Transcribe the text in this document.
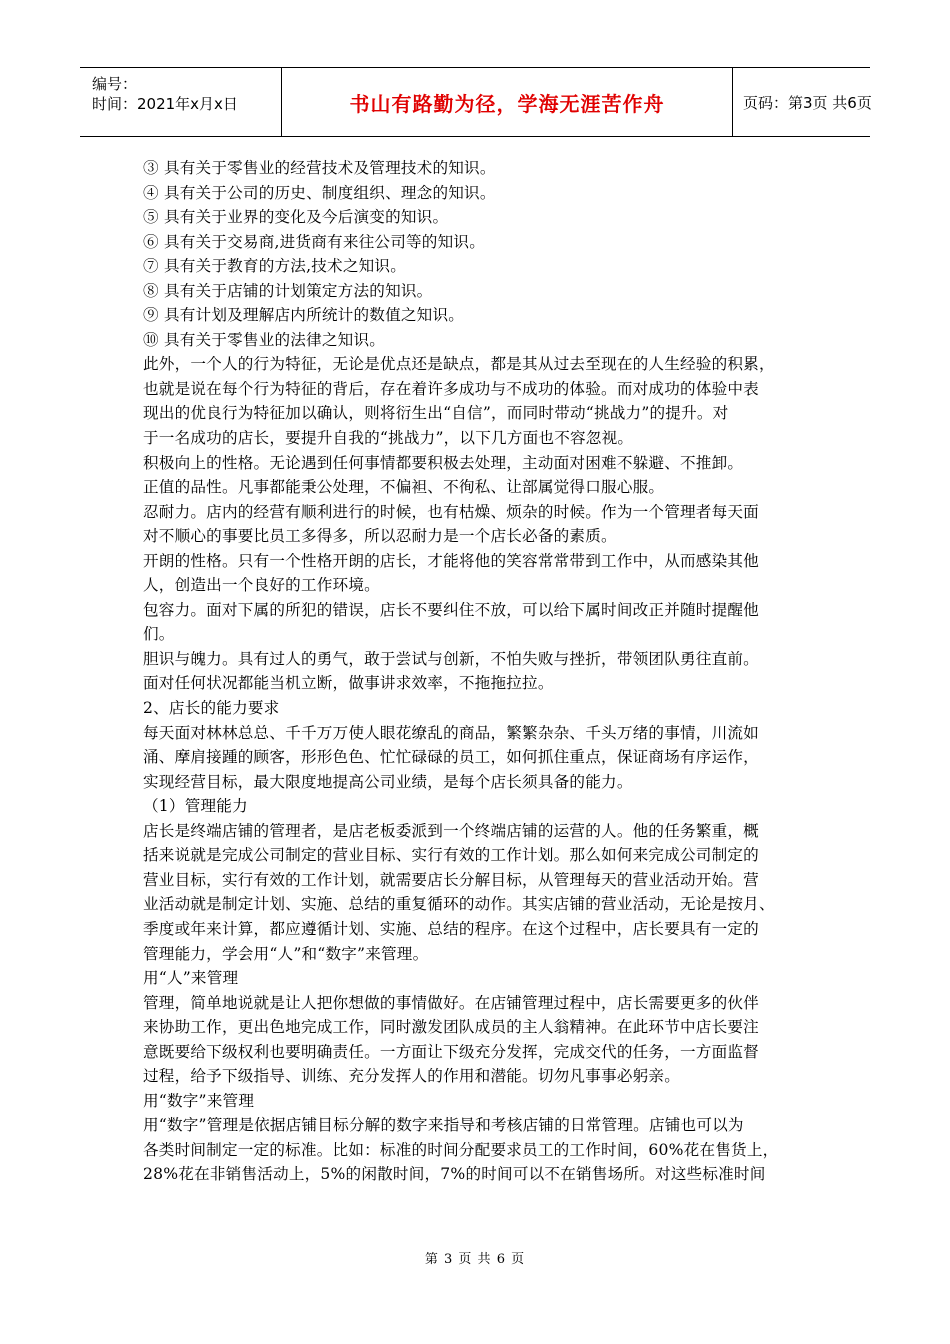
编号：
时间：2021年x月x日	书山有路勤为径，学海无涯苦作舟	页码：第3页 共6页
③ 具有关于零售业的经营技术及管理技术的知识。
④ 具有关于公司的历史、制度组织、理念的知识。
⑤ 具有关于业界的变化及今后演变的知识。
⑥ 具有关于交易商,进货商有来往公司等的知识。
⑦ 具有关于教育的方法,技术之知识。
⑧ 具有关于店铺的计划策定方法的知识。
⑨ 具有计划及理解店内所统计的数值之知识。
⑩ 具有关于零售业的法律之知识。
此外，一个人的行为特征，无论是优点还是缺点，都是其从过去至现在的人生经验的积累，
也就是说在每个行为特征的背后，存在着许多成功与不成功的体验。而对成功的体验中表
现出的优良行为特征加以确认，则将衍生出“自信”，而同时带动“挑战力”的提升。对
于一名成功的店长，要提升自我的“挑战力”，以下几方面也不容忽视。
积极向上的性格。无论遇到任何事情都要积极去处理，主动面对困难不躲避、不推卸。
正值的品性。凡事都能秉公处理，不偏袒、不徇私、让部属觉得口服心服。
忍耐力。店内的经营有顺利进行的时候，也有枯燥、烦杂的时候。作为一个管理者每天面
对不顺心的事要比员工多得多，所以忍耐力是一个店长必备的素质。
开朗的性格。只有一个性格开朗的店长，才能将他的笑容常常带到工作中，从而感染其他
人，创造出一个良好的工作环境。
包容力。面对下属的所犯的错误，店长不要纠住不放，可以给下属时间改正并随时提醒他
们。
胆识与魄力。具有过人的勇气，敢于尝试与创新，不怕失败与挫折，带领团队勇往直前。
面对任何状况都能当机立断，做事讲求效率，不拖拖拉拉。
2、店长的能力要求
每天面对林林总总、千千万万使人眼花缭乱的商品，繁繁杂杂、千头万绪的事情，川流如
涌、摩肩接踵的顾客，形形色色、忙忙碌碌的员工，如何抓住重点，保证商场有序运作，
实现经营目标，最大限度地提高公司业绩，是每个店长须具备的能力。
（1）管理能力
店长是终端店铺的管理者，是店老板委派到一个终端店铺的运营的人。他的任务繁重，概
括来说就是完成公司制定的营业目标、实行有效的工作计划。那么如何来完成公司制定的
营业目标，实行有效的工作计划，就需要店长分解目标，从管理每天的营业活动开始。营
业活动就是制定计划、实施、总结的重复循环的动作。其实店铺的营业活动，无论是按月、
季度或年来计算，都应遵循计划、实施、总结的程序。在这个过程中，店长要具有一定的
管理能力，学会用“人”和“数字”来管理。
用“人”来管理
管理，简单地说就是让人把你想做的事情做好。在店铺管理过程中，店长需要更多的伙伴
来协助工作，更出色地完成工作，同时激发团队成员的主人翁精神。在此环节中店长要注
意既要给下级权利也要明确责任。一方面让下级充分发挥，完成交代的任务，一方面监督
过程，给予下级指导、训练、充分发挥人的作用和潜能。切勿凡事事必躬亲。
用“数字”来管理
用“数字”管理是依据店铺目标分解的数字来指导和考核店铺的日常管理。店铺也可以为
各类时间制定一定的标准。比如：标准的时间分配要求员工的工作时间，60%花在售货上，
28%花在非销售活动上，5%的闲散时间，7%的时间可以不在销售场所。对这些标准时间
第 3 页 共 6 页
